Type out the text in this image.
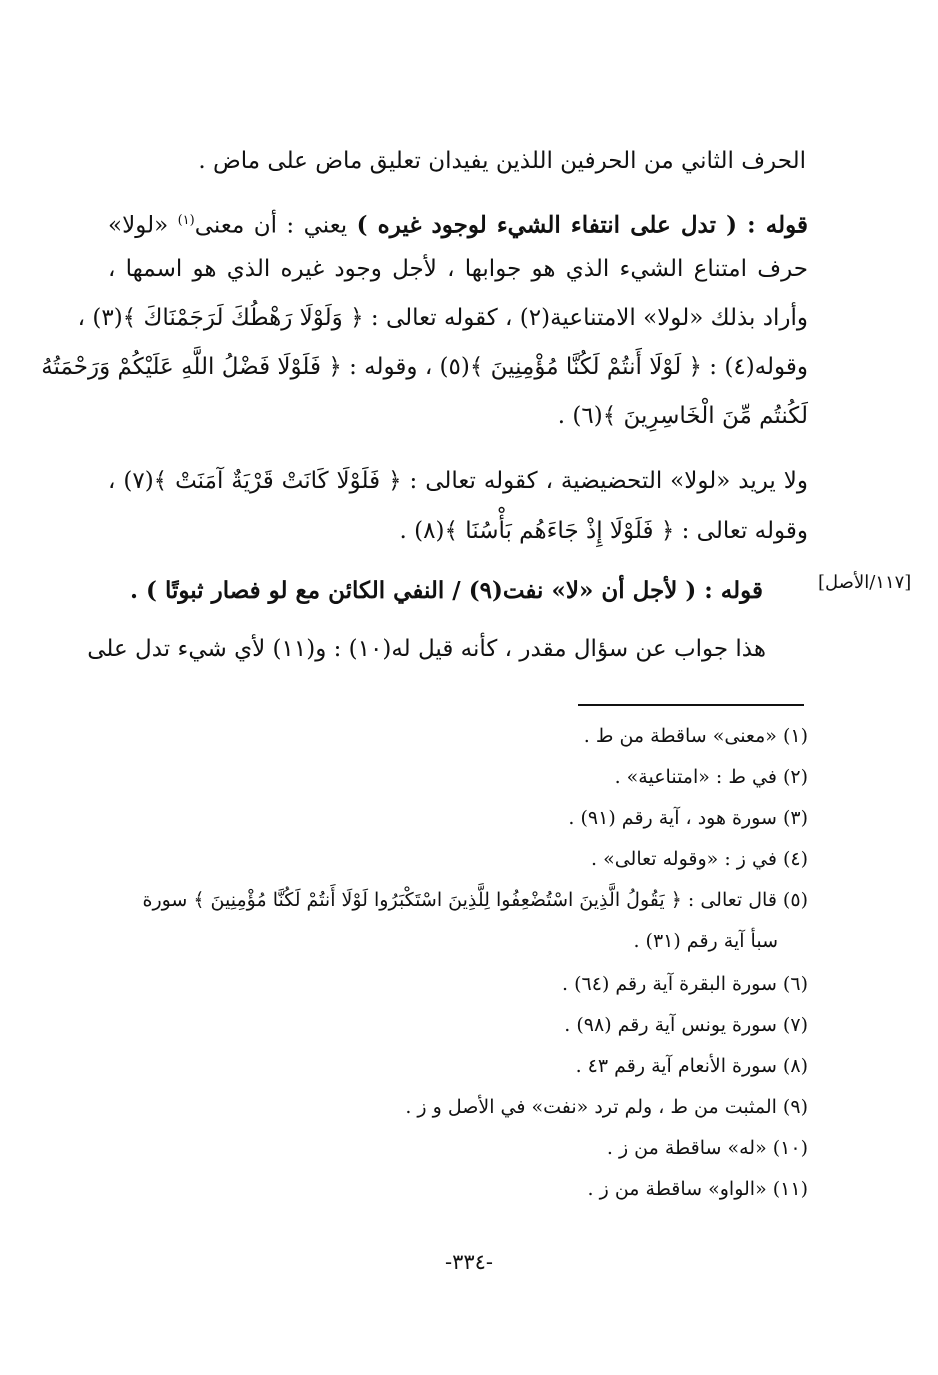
الحرف الثاني من الحرفين اللذين يفيدان تعليق ماض على ماض .
قوله : ( تدل على انتفاء الشيء لوجود غيره ) يعني : أن معنى$^{(١)}$ «لولا»
حرف امتناع الشيء الذي هو جوابها ، لأجل وجود غيره الذي هو اسمها ،
وأراد بذلك «لولا» الامتناعية(٢) ، كقوله تعالى : ﴿ وَلَوْلَا رَهْطُكَ لَرَجَمْنَاكَ ﴾(٣) ،
وقوله(٤) : ﴿ لَوْلَا أَنتُمْ لَكُنَّا مُؤْمِنِينَ ﴾(٥) ، وقوله : ﴿ فَلَوْلَا فَضْلُ اللَّهِ عَلَيْكُمْ وَرَحْمَتُهُ
لَكُنتُم مِّنَ الْخَاسِرِينَ ﴾(٦) .
ولا يريد «لولا» التحضيضية ، كقوله تعالى : ﴿ فَلَوْلَا كَانَتْ قَرْيَةٌ آمَنَتْ ﴾(٧) ،
وقوله تعالى : ﴿ فَلَوْلَا إِذْ جَاءَهُم بَأْسُنَا ﴾(٨) .
قوله : ( لأجل أن «لا» نفت(٩) / النفي الكائن مع لو فصار ثبوتًا ) .	[١١٧/الأصل]
هذا جواب عن سؤال مقدر ، كأنه قيل له(١٠) : و(١١) لأي شيء تدل على
(١) «معنى» ساقطة من ط .
(٢) في ط : «امتناعية» .
(٣) سورة هود ، آية رقم (٩١) .
(٤) في ز : «وقوله تعالى» .
(٥) قال تعالى : ﴿ يَقُولُ الَّذِينَ اسْتُضْعِفُوا لِلَّذِينَ اسْتَكْبَرُوا لَوْلَا أَنتُمْ لَكُنَّا مُؤْمِنِينَ ﴾ سورة
سبأ آية رقم (٣١) .
(٦) سورة البقرة آية رقم (٦٤) .
(٧) سورة يونس آية رقم (٩٨) .
(٨) سورة الأنعام آية رقم ٤٣ .
(٩) المثبت من ط ، ولم ترد «نفت» في الأصل و ز .
(١٠) «له» ساقطة من ز .
(١١) «الواو» ساقطة من ز .
-٣٣٤-
